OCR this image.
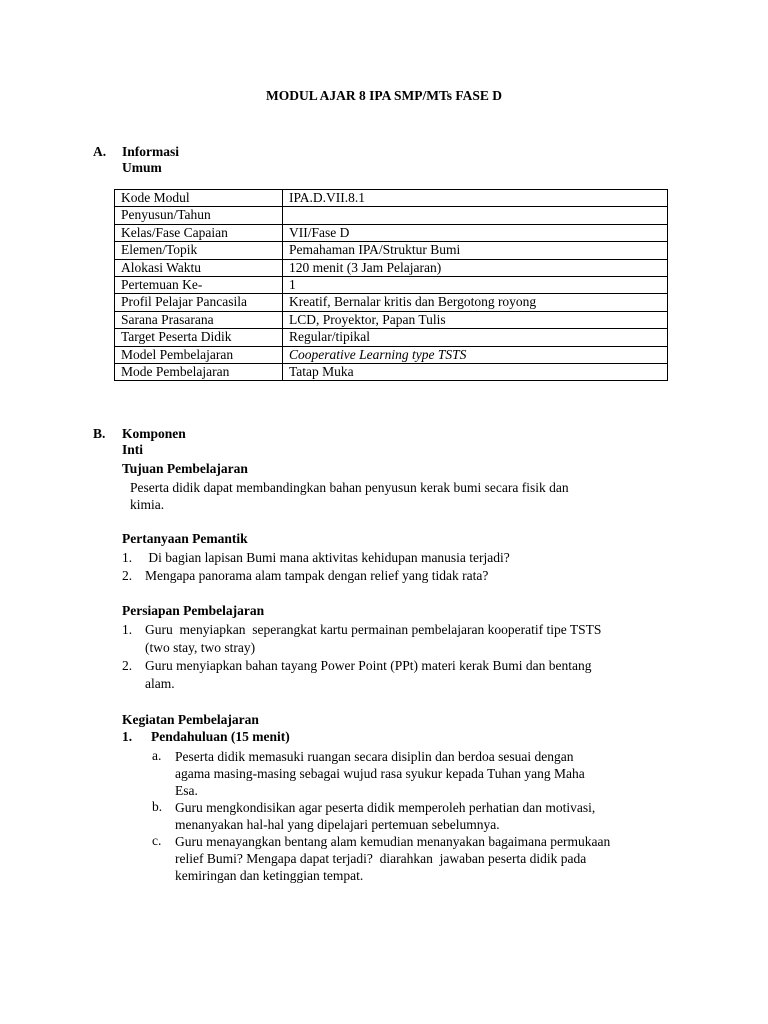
MODUL AJAR 8 IPA SMP/MTs FASE D
A. Informasi Umum
Kode Modul	IPA.D.VII.8.1
Penyusun/Tahun	
Kelas/Fase Capaian	VII/Fase D
Elemen/Topik	Pemahaman IPA/Struktur Bumi
Alokasi Waktu	120 menit (3 Jam Pelajaran)
Pertemuan Ke-	1
Profil Pelajar Pancasila	Kreatif, Bernalar kritis dan Bergotong royong
Sarana Prasarana	LCD, Proyektor, Papan Tulis
Target Peserta Didik	Regular/tipikal
Model Pembelajaran	Cooperative Learning type TSTS
Mode Pembelajaran	Tatap Muka
B. Komponen Inti
Tujuan Pembelajaran
Peserta didik dapat membandingkan bahan penyusun kerak bumi secara fisik dan
kimia.
Pertanyaan Pemantik
1. Di bagian lapisan Bumi mana aktivitas kehidupan manusia terjadi?
2. Mengapa panorama alam tampak dengan relief yang tidak rata?
Persiapan Pembelajaran
1. Guru  menyiapkan  seperangkat kartu permainan pembelajaran kooperatif tipe TSTS
(two stay, two stray)
2. Guru menyiapkan bahan tayang Power Point (PPt) materi kerak Bumi dan bentang
alam.
Kegiatan Pembelajaran
1. Pendahuluan (15 menit)
a. Peserta didik memasuki ruangan secara disiplin dan berdoa sesuai dengan
agama masing-masing sebagai wujud rasa syukur kepada Tuhan yang Maha
Esa.
b. Guru mengkondisikan agar peserta didik memperoleh perhatian dan motivasi,
menanyakan hal-hal yang dipelajari pertemuan sebelumnya.
c. Guru menayangkan bentang alam kemudian menanyakan bagaimana permukaan
relief Bumi? Mengapa dapat terjadi?  diarahkan  jawaban peserta didik pada
kemiringan dan ketinggian tempat.
